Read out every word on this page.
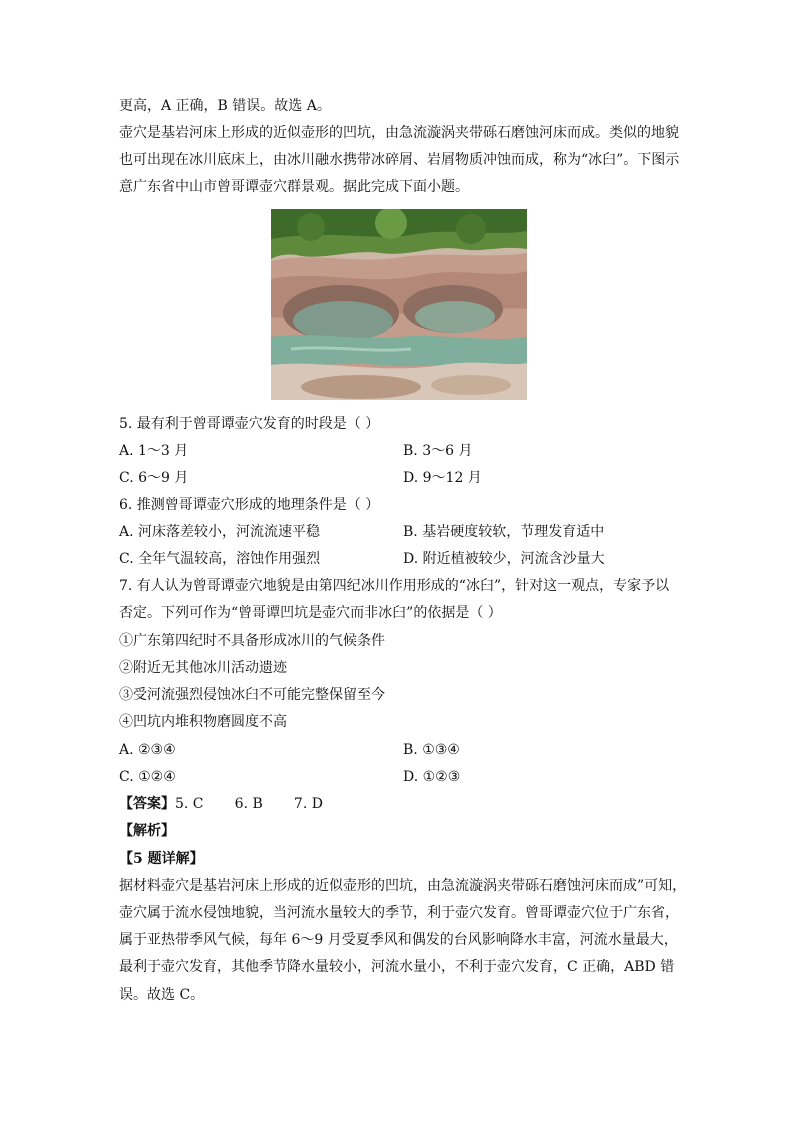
更高，A 正确，B 错误。故选 A。
壶穴是基岩河床上形成的近似壶形的凹坑，由急流漩涡夹带砾石磨蚀河床而成。类似的地貌
也可出现在冰川底床上，由冰川融水携带冰碎屑、岩屑物质冲蚀而成，称为“冰臼”。下图示
意广东省中山市曾哥谭壶穴群景观。据此完成下面小题。
5. 最有利于曾哥谭壶穴发育的时段是（ ）
A. 1～3 月	B. 3～6 月
C. 6～9 月	D. 9～12 月
6. 推测曾哥谭壶穴形成的地理条件是（ ）
A. 河床落差较小，河流流速平稳	B. 基岩硬度较软，节理发育适中
C. 全年气温较高，溶蚀作用强烈	D. 附近植被较少，河流含沙量大
7. 有人认为曾哥谭壶穴地貌是由第四纪冰川作用形成的“冰臼”，针对这一观点，专家予以
否定。下列可作为“曾哥谭凹坑是壶穴而非冰臼”的依据是（ ）
①广东第四纪时不具备形成冰川的气候条件
②附近无其他冰川活动遗迹
③受河流强烈侵蚀冰臼不可能完整保留至今
④凹坑内堆积物磨圆度不高
A. ②③④	B. ①③④
C. ①②④	D. ①②③
【答案】5. C       6. B       7. D
【解析】
【5 题详解】
据材料壶穴是基岩河床上形成的近似壶形的凹坑，由急流漩涡夹带砾石磨蚀河床而成”可知，
壶穴属于流水侵蚀地貌，当河流水量较大的季节，利于壶穴发育。曾哥谭壶穴位于广东省，
属于亚热带季风气候，每年 6～9 月受夏季风和偶发的台风影响降水丰富，河流水量最大，
最利于壶穴发育，其他季节降水量较小，河流水量小，不利于壶穴发育，C 正确，ABD 错
误。故选 C。
